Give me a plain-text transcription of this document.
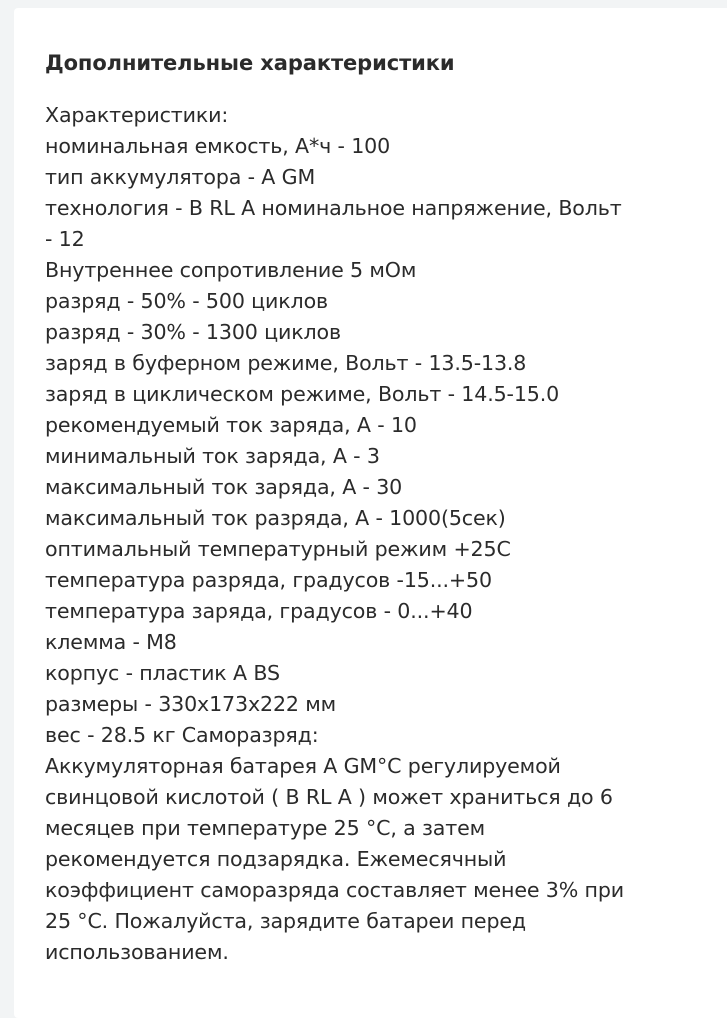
Дополнительные характеристики
Характеристики:
номинальная емкость, А*ч - 100
тип аккумулятора - A GM
технология - B RL A номинальное напряжение, Вольт
- 12
Внутреннее сопротивление 5 мОм
разряд - 50% - 500 циклов
разряд - 30% - 1300 циклов
заряд в буферном режиме, Вольт - 13.5-13.8
заряд в циклическом режиме, Вольт - 14.5-15.0
рекомендуемый ток заряда, А - 10
минимальный ток заряда, А - 3
максимальный ток заряда, А - 30
максимальный ток разряда, А - 1000(5сек)
оптимальный температурный режим +25С
температура разряда, градусов -15...+50
температура заряда, градусов - 0...+40
клемма - М8
корпус - пластик A BS
размеры - 330x173x222 мм
вес - 28.5 кг Саморазряд:
Аккумуляторная батарея A GM°C регулируемой
свинцовой кислотой ( B RL A ) может храниться до 6
месяцев при температуре 25 °C, а затем
рекомендуется подзарядка. Ежемесячный
коэффициент саморазряда составляет менее 3% при
25 °C. Пожалуйста, зарядите батареи перед
использованием.
